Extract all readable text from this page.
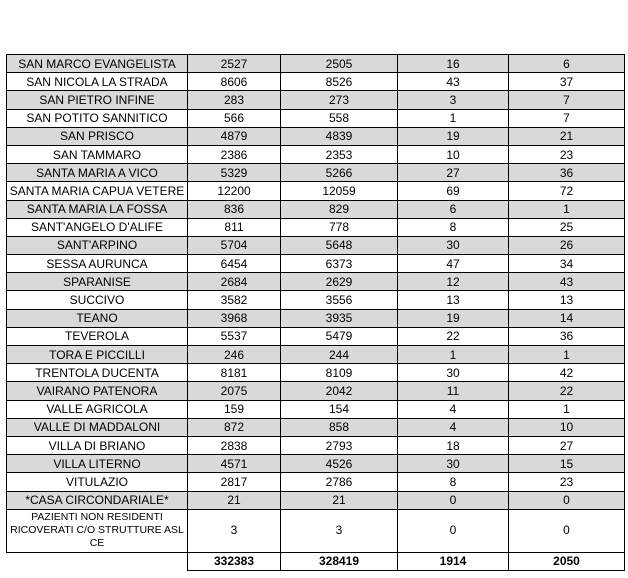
SAN MARCO EVANGELISTA	2527	2505	16	6
SAN NICOLA LA STRADA	8606	8526	43	37
SAN PIETRO INFINE	283	273	3	7
SAN POTITO SANNITICO	566	558	1	7
SAN PRISCO	4879	4839	19	21
SAN TAMMARO	2386	2353	10	23
SANTA MARIA A VICO	5329	5266	27	36
SANTA MARIA CAPUA VETERE	12200	12059	69	72
SANTA MARIA LA FOSSA	836	829	6	1
SANT'ANGELO D'ALIFE	811	778	8	25
SANT'ARPINO	5704	5648	30	26
SESSA AURUNCA	6454	6373	47	34
SPARANISE	2684	2629	12	43
SUCCIVO	3582	3556	13	13
TEANO	3968	3935	19	14
TEVEROLA	5537	5479	22	36
TORA E PICCILLI	246	244	1	1
TRENTOLA DUCENTA	8181	8109	30	42
VAIRANO PATENORA	2075	2042	11	22
VALLE AGRICOLA	159	154	4	1
VALLE DI MADDALONI	872	858	4	10
VILLA DI BRIANO	2838	2793	18	27
VILLA LITERNO	4571	4526	30	15
VITULAZIO	2817	2786	8	23
*CASA CIRCONDARIALE*	21	21	0	0
PAZIENTI NON RESIDENTI RICOVERATI C/O STRUTTURE ASL CE	3	3	0	0
	332383	328419	1914	2050
